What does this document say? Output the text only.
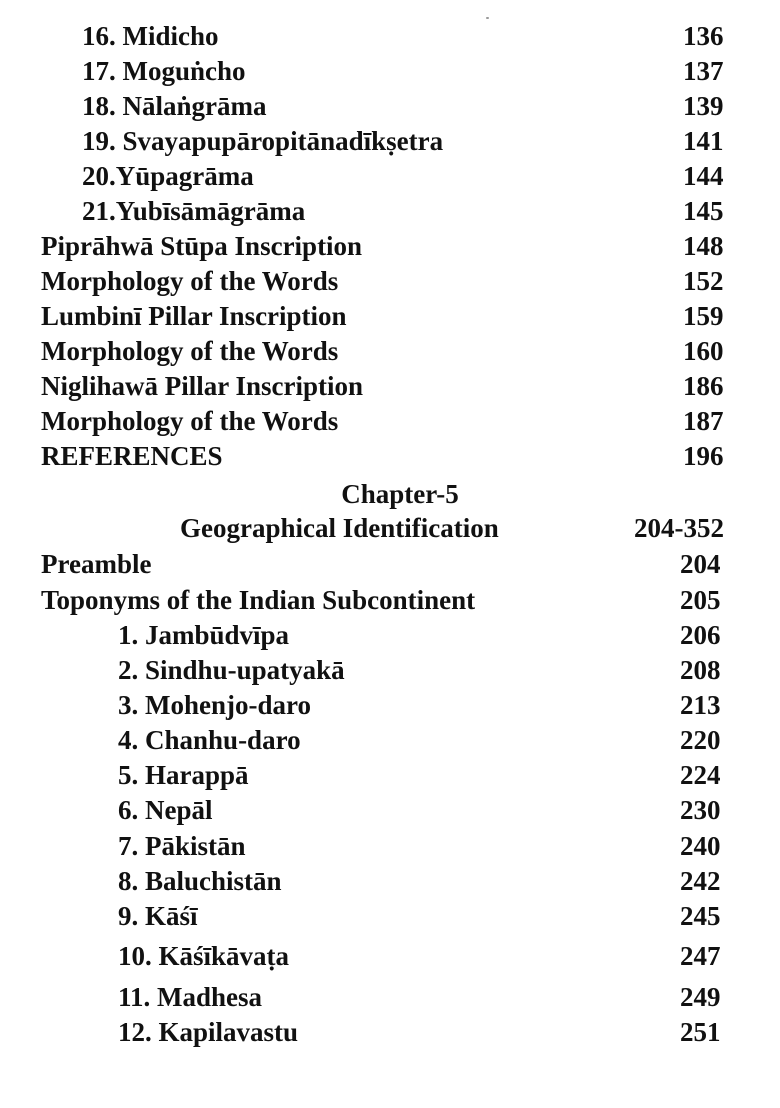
16. Midicho	136
17. Moguṅcho	137
18. Nālaṅgrāma	139
19. Svayapupāropitānadīkṣetra	141
20.Yūpagrāma	144
21.Yubīsāmāgrāma	145
Piprāhwā Stūpa Inscription	148
Morphology of the Words	152
Lumbinī Pillar Inscription	159
Morphology of the Words	160
Niglihawā Pillar Inscription	186
Morphology of the Words	187
REFERENCES	196
Chapter-5
Geographical Identification	204-352
Preamble	204
Toponyms of the Indian Subcontinent	205
1. Jambūdvīpa	206
2. Sindhu-upatyakā	208
3. Mohenjo-daro	213
4. Chanhu-daro	220
5. Harappā	224
6. Nepāl	230
7. Pākistān	240
8. Baluchistān	242
9. Kāśī	245
10. Kāśīkāvaṭa	247
11. Madhesa	249
12. Kapilavastu	251
